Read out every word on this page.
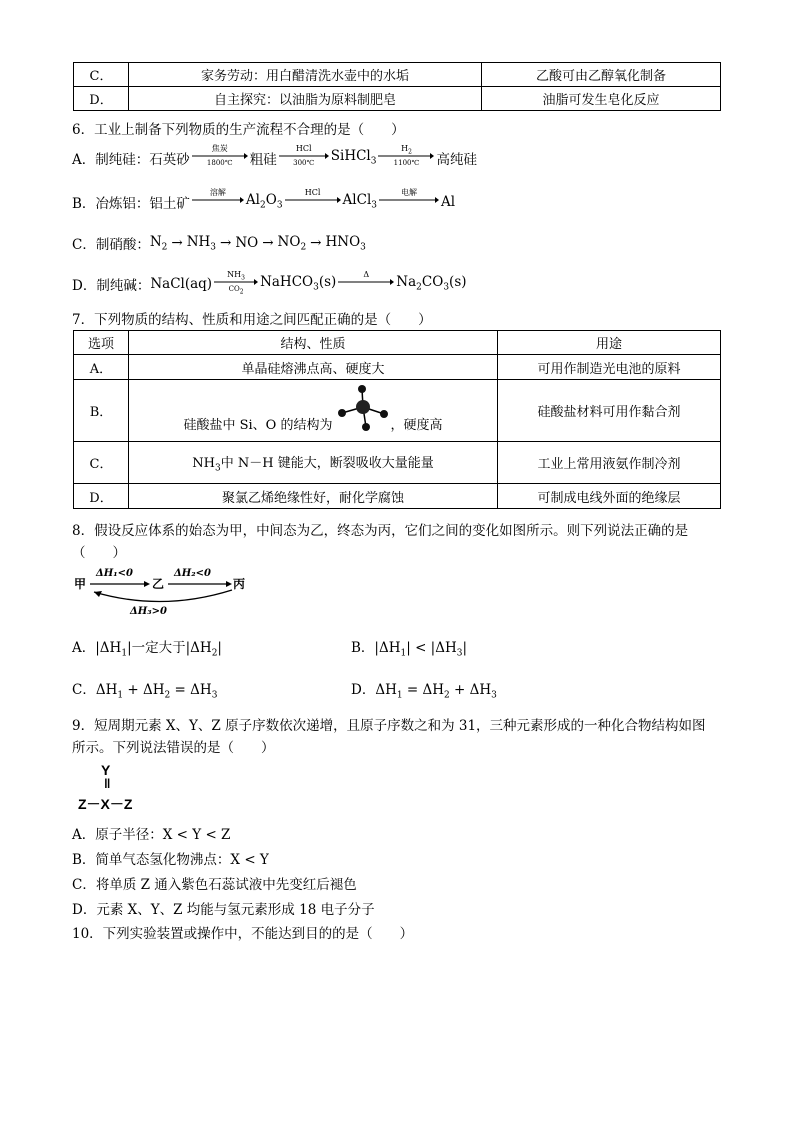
C．	家务劳动：用白醋清洗水壶中的水垢	乙酸可由乙醇氧化制备
D．	自主探究：以油脂为原料制肥皂	油脂可发生皂化反应
6．工业上制备下列物质的生产流程不合理的是（　　）
A．制纯硅： 石英砂
焦炭
1800℃ 粗硅
HCl
300℃ SiHCl$_3$
$H_2$
1100℃ 高纯硅
B．冶炼铝： 铝土矿
溶解 $Al_2O_3$
HCl AlCl$_3$
电解
Al
C．制硝酸： $N_2 \to NH_3$ → NO → $NO_2 \to HNO_3$
D．制纯碱： NaCl(aq)
$NH_3$
$CO_2$
NaHCO$_3$(s)	Δ $Na_2CO_3(s)$
7．下列物质的结构、性质和用途之间匹配正确的是（　　）
选项	结构、性质	用途
A．	单晶硅熔沸点高、硬度大	可用作制造光电池的原料
B．	硅酸盐中 Si、O 的结构为 ，硬度高	硅酸盐材料可用作黏合剂
C．	$NH_3$中 N－H 键能大，断裂吸收大量能量	工业上常用液氨作制冷剂
D．	聚氯乙烯绝缘性好，耐化学腐蚀	可制成电线外面的绝缘层
8．假设反应体系的始态为甲，中间态为乙，终态为丙，它们之间的变化如图所示。则下列说法正确的是
（　　）
甲	乙	丙
ΔH₁<0	ΔH₂<0
ΔH₃>0
A．$|\Delta H_1|$一定大于$|\Delta H_2|$	B．$|\Delta H_1| < |\Delta H_3|$
C．$\Delta H_1 + \Delta H_2 = \Delta H_3$	D．$\Delta H_1 = \Delta H_2 + \Delta H_3$
9．短周期元素 X、Y、Z 原子序数依次递增，且原子序数之和为 31，三种元素形成的一种化合物结构如图
所示。下列说法错误的是（　　）
Y
‖
Z－X－Z
A．原子半径：X < Y < Z
B．简单气态氢化物沸点：X < Y
C．将单质 Z 通入紫色石蕊试液中先变红后褪色
D．元素 X、Y、Z 均能与氢元素形成 18 电子分子
10．下列实验装置或操作中，不能达到目的的是（　　）
